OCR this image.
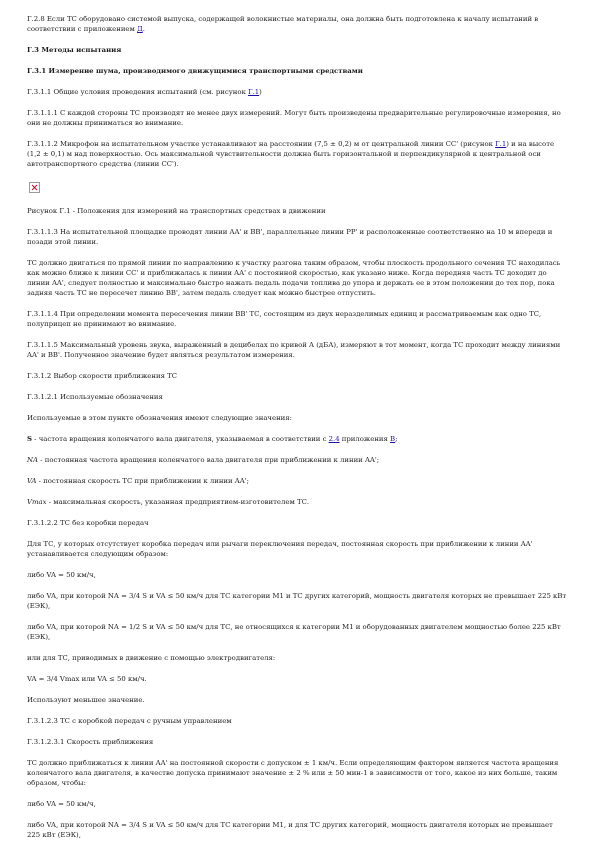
Г.2.8 Если ТС оборудовано системой выпуска, содержащей волокнистые материалы, она должна быть подготовлена к началу испытаний в соответствии с приложением Д.

Г.3 Методы испытания

Г.3.1 Измерение шума, производимого движущимися транспортными средствами

Г.3.1.1 Общие условия проведения испытаний (см. рисунок Г.1)

Г.3.1.1.1 С каждой стороны ТС производят не менее двух измерений. Могут быть произведены предварительные регулировочные измерения, но они не должны приниматься во внимание.

Г.3.1.1.2 Микрофон на испытательном участке устанавливают на расстоянии (7,5 ± 0,2) м от центральной линии CC' (рисунок Г.1) и на высоте (1,2 ± 0,1) м над поверхностью. Ось максимальной чувствительности должна быть горизонтальной и перпендикулярной к центральной оси автотранспортного средства (линии CC').

Рисунок Г.1 - Положения для измерений на транспортных средствах в движении

Г.3.1.1.3 На испытательной площадке проводят линии AA' и BB', параллельные линии PP' и расположенные соответственно на 10 м впереди и позади этой линии.

ТС должно двигаться по прямой линии по направлению к участку разгона таким образом, чтобы плоскость продольного сечения ТС находилась как можно ближе к линии CC' и приближалась к линии AA' с постоянной скоростью, как указано ниже. Когда передняя часть ТС доходит до линии AA', следует полностью и максимально быстро нажать педаль подачи топлива до упора и держать ее в этом положении до тех пор, пока задняя часть ТС не пересечет линию BB', затем педаль следует как можно быстрее отпустить.

Г.3.1.1.4 При определении момента пересечения линии BB' ТС, состоящим из двух неразделимых единиц и рассматриваемым как одно ТС, полуприцеп не принимают во внимание.

Г.3.1.1.5 Максимальный уровень звука, выраженный в децибелах по кривой A (дБА), измеряют в тот момент, когда ТС проходит между линиями AA' и BB'. Полученное значение будет являться результатом измерения.

Г.3.1.2 Выбор скорости приближения ТС

Г.3.1.2.1 Используемые обозначения

Используемые в этом пункте обозначения имеют следующие значения:

S - частота вращения коленчатого вала двигателя, указываемая в соответствии с 2.4 приложения В;

NA - постоянная частота вращения коленчатого вала двигателя при приближении к линии AA';

VA - постоянная скорость ТС при приближении к линии AA';

Vmax - максимальная скорость, указанная предприятием-изготовителем ТС.

Г.3.1.2.2 ТС без коробки передач

Для ТС, у которых отсутствует коробка передач или рычаги переключения передач, постоянная скорость при приближении к линии AA' устанавливается следующим образом:

либо VA = 50 км/ч,

либо VA, при которой NA = 3/4 S и VA ≤ 50 км/ч для ТС категории М1 и ТС других категорий, мощность двигателя которых не превышает 225 кВт (ЕЭК),

либо VA, при которой NA = 1/2 S и VA ≤ 50 км/ч для ТС, не относящихся к категории М1 и оборудованных двигателем мощностью более 225 кВт (ЕЭК),

или для ТС, приводимых в движение с помощью электродвигателя:

VA = 3/4 Vmax или VA ≤ 50 км/ч.

Используют меньшее значение.

Г.3.1.2.3 ТС с коробкой передач с ручным управлением

Г.3.1.2.3.1 Скорость приближения

ТС должно приближаться к линии AA' на постоянной скорости с допуском ± 1 км/ч. Если определяющим фактором является частота вращения коленчатого вала двигателя, в качестве допуска принимают значение ± 2 % или ± 50 мин-1 в зависимости от того, какое из них больше, таким образом, чтобы:

либо VA = 50 км/ч,

либо VA, при которой NA = 3/4 S и VA ≤ 50 км/ч для ТС категории М1, и для ТС других категорий, мощность двигателя которых не превышает 225 кВт (ЕЭК),
